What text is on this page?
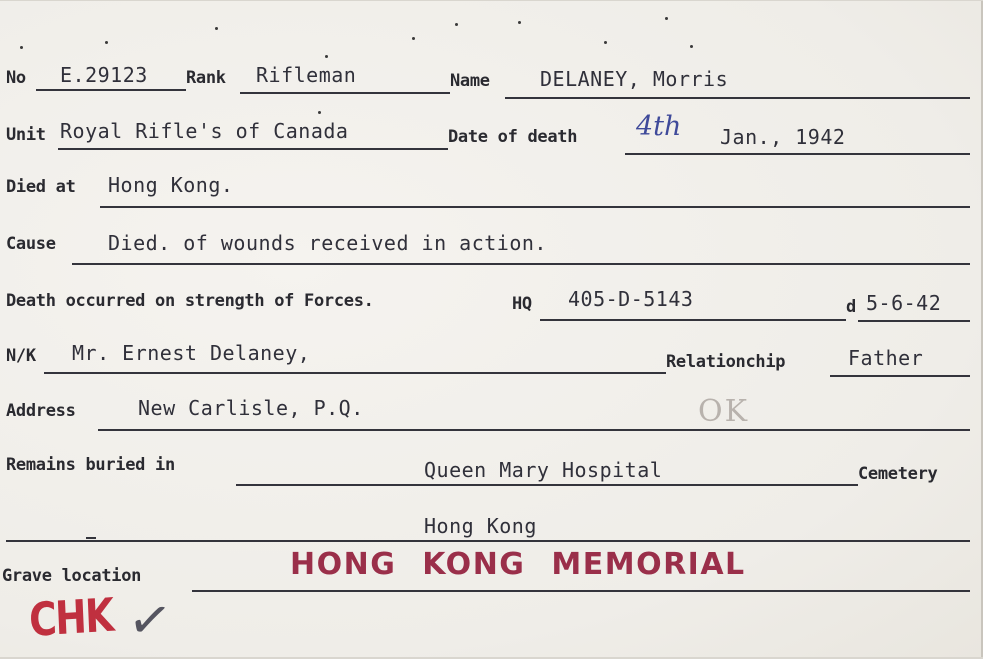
No E.29123 Rank Rifleman	Name	DELANEY, Morris
Unit Royal Rifle's of Canada	Date of death 4th Jan., 1942
Died at Hong Kong.
Cause	Died. of wounds received in action.
Death occurred on strength of Forces.	HQ 405-D-5143	d 5-6-42
N/K Mr. Ernest Delaney,	Relationchip	Father
Address	New Carlisle, P.Q.	OK
Remains buried in	Queen Mary Hospital	Cemetery
Hong Kong
Grave location	HONG KONG MEMORIAL
CHK ✓
